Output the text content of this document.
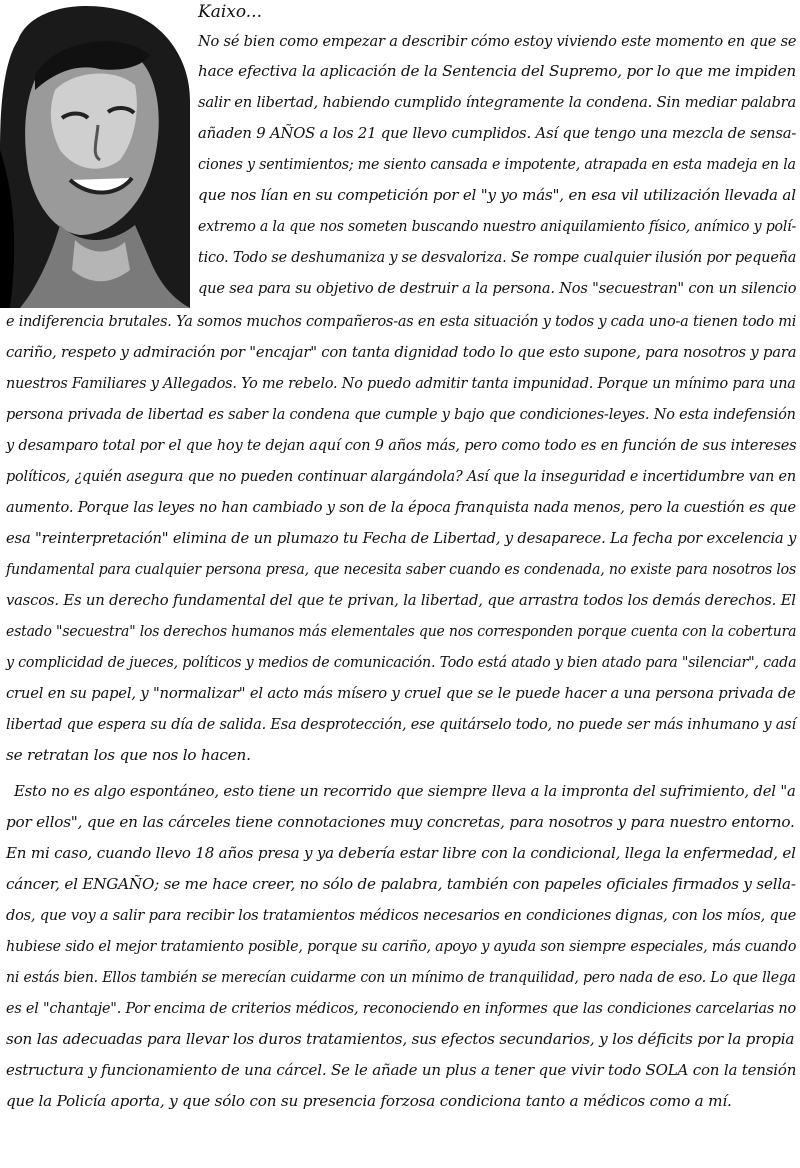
Kaixo...
No sé bien como empezar a describir cómo estoy viviendo este momento en que se
hace efectiva la aplicación de la Sentencia del Supremo, por lo que me impiden
salir en libertad, habiendo cumplido íntegramente la condena. Sin mediar palabra
añaden 9 AÑOS a los 21 que llevo cumplidos. Así que tengo una mezcla de sensa-
ciones y sentimientos; me siento cansada e impotente, atrapada en esta madeja en la
que nos lían en su competición por el "y yo más", en esa vil utilización llevada al
extremo a la que nos someten buscando nuestro aniquilamiento físico, anímico y polí-
tico. Todo se deshumaniza y se desvaloriza. Se rompe cualquier ilusión por pequeña
que sea para su objetivo de destruir a la persona. Nos "secuestran" con un silencio
e indiferencia brutales. Ya somos muchos compañeros-as en esta situación y todos y cada uno-a tienen todo mi
cariño, respeto y admiración por "encajar" con tanta dignidad todo lo que esto supone, para nosotros y para
nuestros Familiares y Allegados. Yo me rebelo. No puedo admitir tanta impunidad. Porque un mínimo para una
persona privada de libertad es saber la condena que cumple y bajo que condiciones-leyes. No esta indefensión
y desamparo total por el que hoy te dejan aquí con 9 años más, pero como todo es en función de sus intereses
políticos, ¿quién asegura que no pueden continuar alargándola? Así que la inseguridad e incertidumbre van en
aumento. Porque las leyes no han cambiado y son de la época franquista nada menos, pero la cuestión es que
esa "reinterpretación" elimina de un plumazo tu Fecha de Libertad, y desaparece. La fecha por excelencia y
fundamental para cualquier persona presa, que necesita saber cuando es condenada, no existe para nosotros los
vascos. Es un derecho fundamental del que te privan, la libertad, que arrastra todos los demás derechos. El
estado "secuestra" los derechos humanos más elementales que nos corresponden porque cuenta con la cobertura
y complicidad de jueces, políticos y medios de comunicación. Todo está atado y bien atado para "silenciar", cada
cruel en su papel, y "normalizar" el acto más mísero y cruel que se le puede hacer a una persona privada de
libertad que espera su día de salida. Esa desprotección, ese quitárselo todo, no puede ser más inhumano y así
se retratan los que nos lo hacen.
Esto no es algo espontáneo, esto tiene un recorrido que siempre lleva a la impronta del sufrimiento, del "a
por ellos", que en las cárceles tiene connotaciones muy concretas, para nosotros y para nuestro entorno.
En mi caso, cuando llevo 18 años presa y ya debería estar libre con la condicional, llega la enfermedad, el
cáncer, el ENGAÑO; se me hace creer, no sólo de palabra, también con papeles oficiales firmados y sella-
dos, que voy a salir para recibir los tratamientos médicos necesarios en condiciones dignas, con los míos, que
hubiese sido el mejor tratamiento posible, porque su cariño, apoyo y ayuda son siempre especiales, más cuando
ni estás bien. Ellos también se merecían cuidarme con un mínimo de tranquilidad, pero nada de eso. Lo que llega
es el "chantaje". Por encima de criterios médicos, reconociendo en informes que las condiciones carcelarias no
son las adecuadas para llevar los duros tratamientos, sus efectos secundarios, y los déficits por la propia
estructura y funcionamiento de una cárcel. Se le añade un plus a tener que vivir todo SOLA con la tensión
que la Policía aporta, y que sólo con su presencia forzosa condiciona tanto a médicos como a mí.
